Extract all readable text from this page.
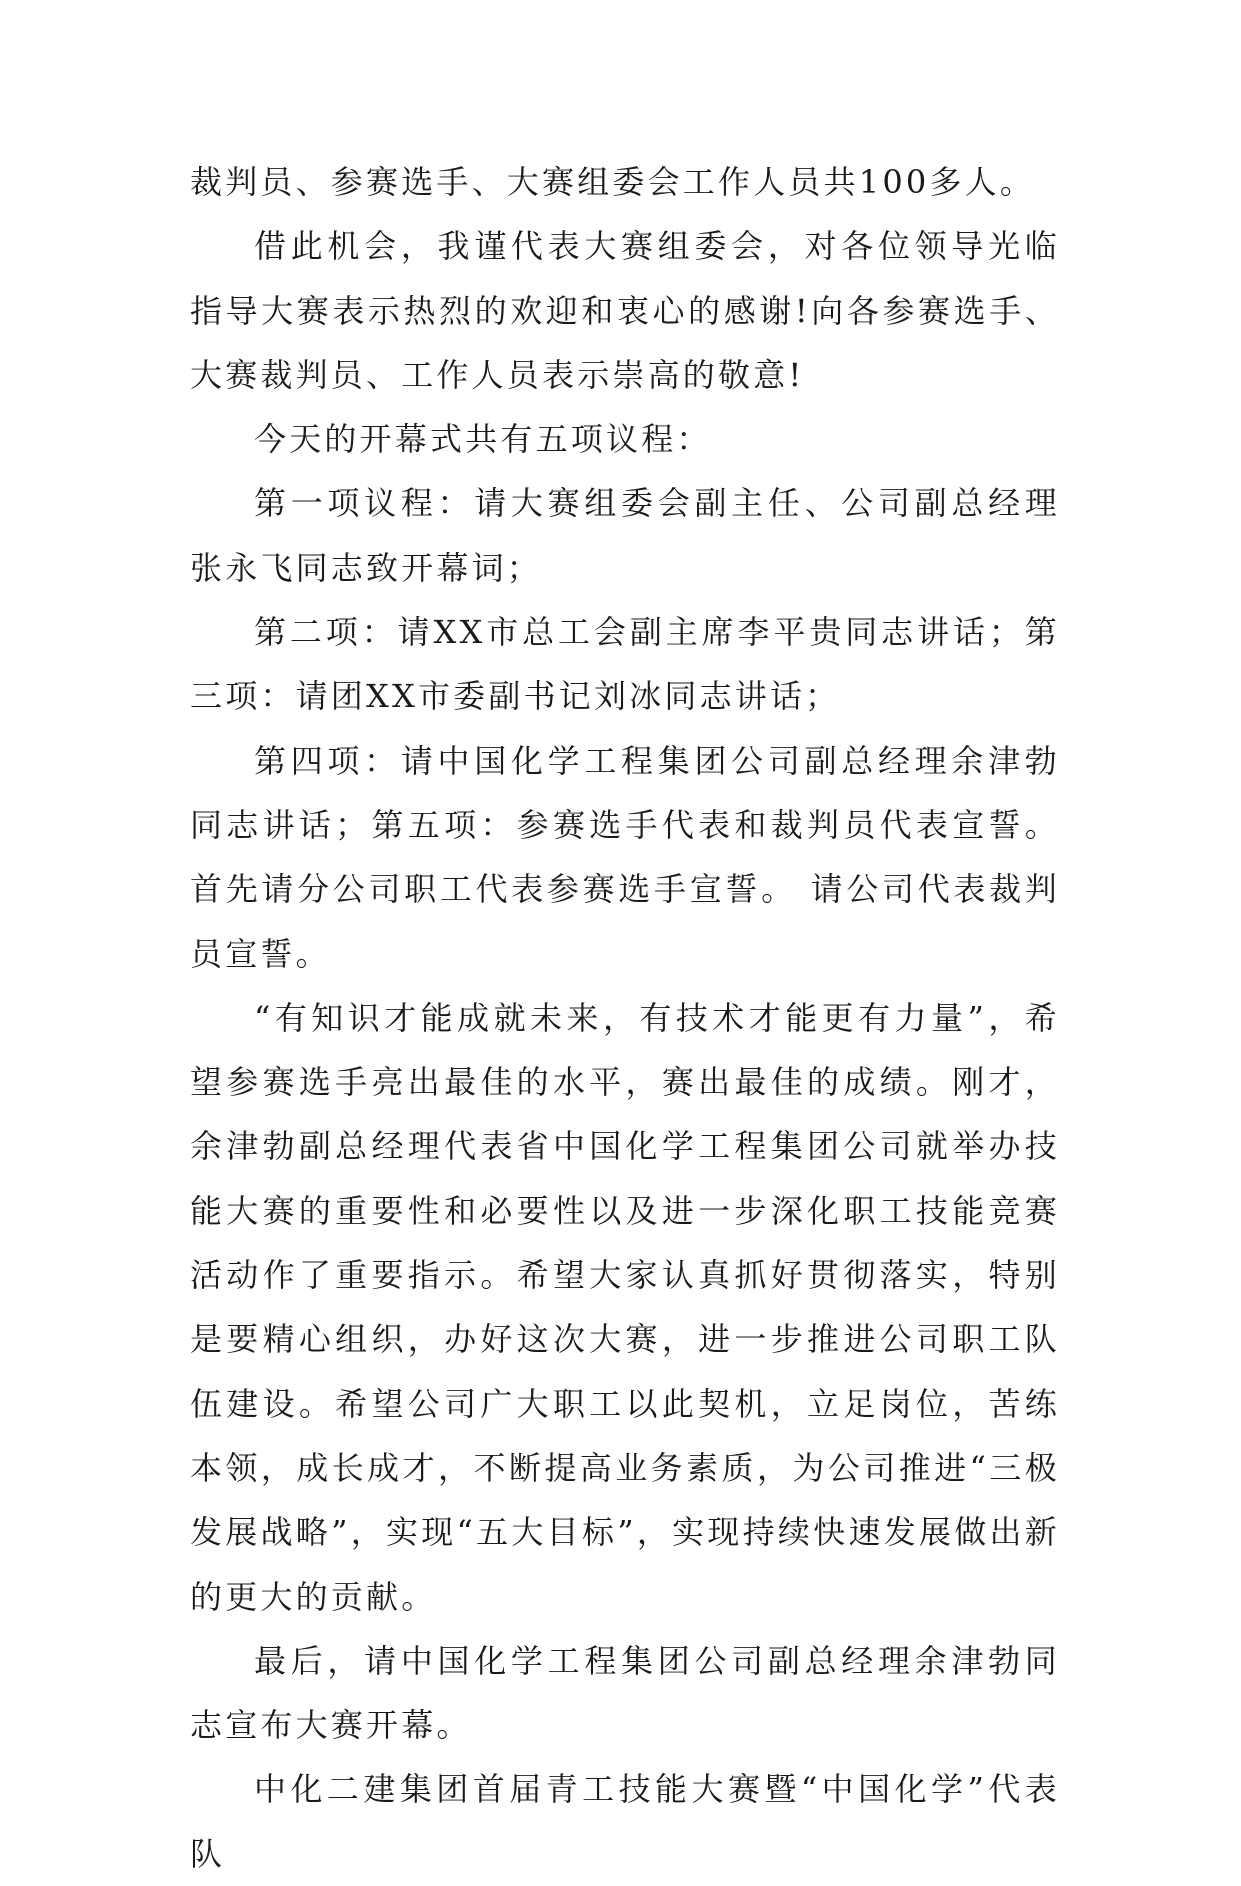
裁判员、参赛选手、大赛组委会工作人员共100多人。

借此机会，我谨代表大赛组委会，对各位领导光临指导大赛表示热烈的欢迎和衷心的感谢!向各参赛选手、大赛裁判员、工作人员表示崇高的敬意!

今天的开幕式共有五项议程：

第一项议程：请大赛组委会副主任、公司副总经理张永飞同志致开幕词；

第二项：请XX市总工会副主席李平贵同志讲话；第三项：请团XX市委副书记刘冰同志讲话；

第四项：请中国化学工程集团公司副总经理余津勃同志讲话；第五项：参赛选手代表和裁判员代表宣誓。 首先请分公司职工代表参赛选手宣誓。 请公司代表裁判员宣誓。

“有知识才能成就未来，有技术才能更有力量”，希望参赛选手亮出最佳的水平，赛出最佳的成绩。刚才，余津勃副总经理代表省中国化学工程集团公司就举办技能大赛的重要性和必要性以及进一步深化职工技能竞赛活动作了重要指示。希望大家认真抓好贯彻落实，特别是要精心组织，办好这次大赛，进一步推进公司职工队伍建设。希望公司广大职工以此契机，立足岗位，苦练本领，成长成才，不断提高业务素质，为公司推进“三极发展战略”，实现“五大目标”，实现持续快速发展做出新的更大的贡献。

最后，请中国化学工程集团公司副总经理余津勃同志宣布大赛开幕。

中化二建集团首届青工技能大赛暨“中国化学”代表队
